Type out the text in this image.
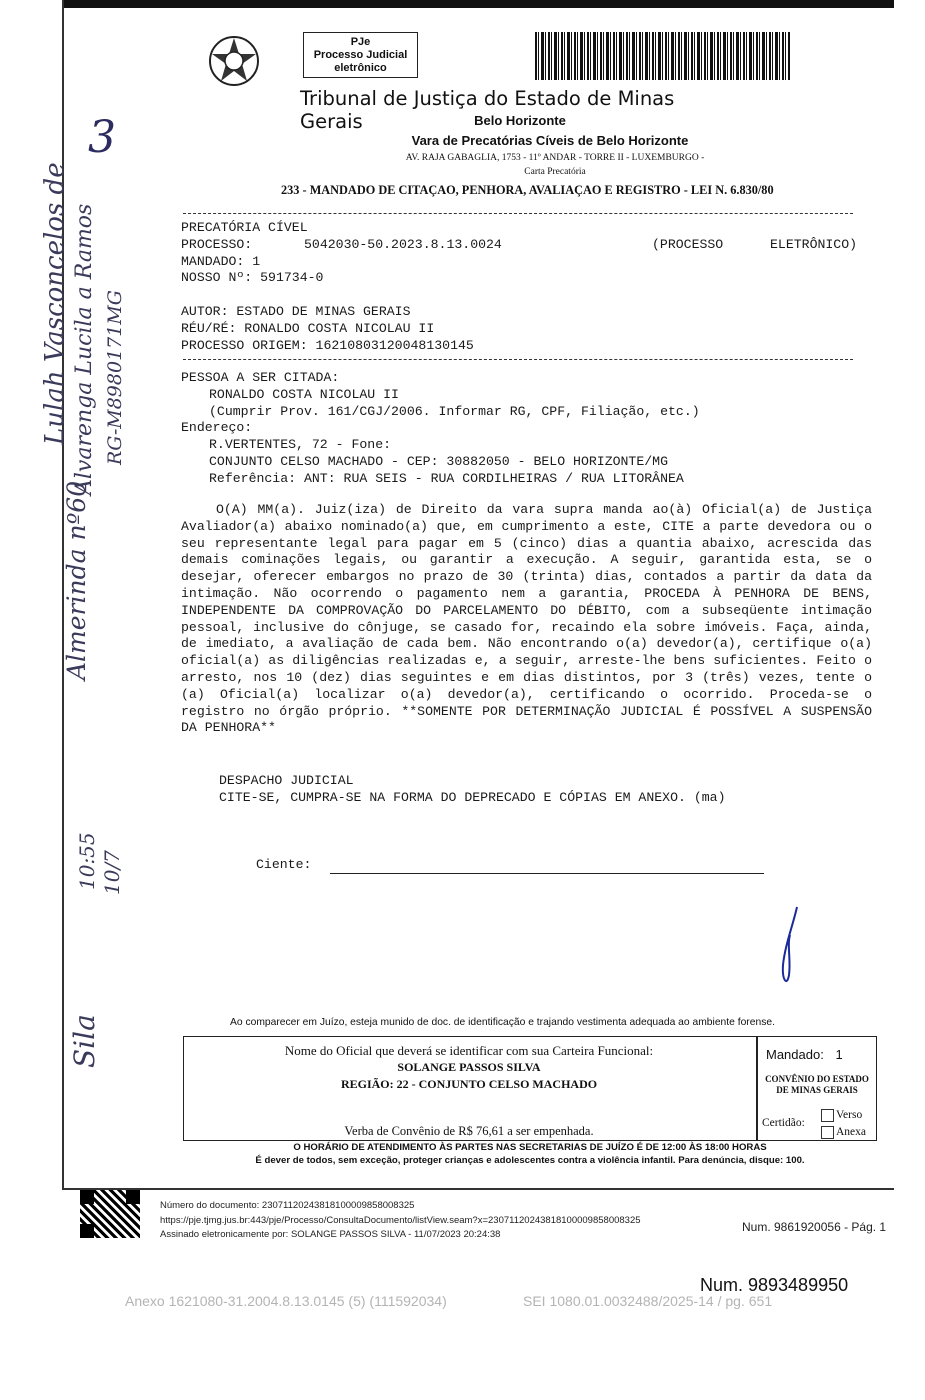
PJe
Processo Judicial
eletrônico
Tribunal de Justiça do Estado de Minas Gerais	Belo Horizonte
Vara de Precatórias Cíveis de Belo Horizonte
AV. RAJA GABAGLIA, 1753 - 11º ANDAR - TORRE II - LUXEMBURGO -
Carta Precatória
233 - MANDADO DE CITAÇAO, PENHORA, AVALIAÇAO E REGISTRO - LEI N. 6.830/80
PRECATÓRIA CÍVEL
PROCESSO:	5042030-50.2023.8.13.0024	(PROCESSO	ELETRÔNICO)
MANDADO: 1
NOSSO Nº: 591734-0
AUTOR: ESTADO DE MINAS GERAIS
RÉU/RÉ: RONALDO COSTA NICOLAU II
PROCESSO ORIGEM: 16210803120048130145
PESSOA A SER CITADA:
RONALDO COSTA NICOLAU II
(Cumprir Prov. 161/CGJ/2006. Informar RG, CPF, Filiação, etc.)
Endereço:
R.VERTENTES, 72 - Fone:
CONJUNTO CELSO MACHADO - CEP: 30882050 - BELO HORIZONTE/MG
Referência: ANT: RUA SEIS - RUA CORDILHEIRAS / RUA LITORÂNEA

O(A) MM(a). Juiz(iza) de Direito da vara supra manda ao(à) Oficial(a) de Justiça Avaliador(a) abaixo nominado(a) que, em cumprimento a este, CITE a parte devedora ou o seu representante legal para pagar em 5 (cinco) dias a quantia abaixo, acrescida das demais cominações legais, ou garantir a execução. A seguir, garantida esta, se o desejar, oferecer embargos no prazo de 30 (trinta) dias, contados a partir da data da intimação. Não ocorrendo o pagamento nem a garantia, PROCEDA À PENHORA DE BENS, INDEPENDENTE DA COMPROVAÇÃO DO PARCELAMENTO DO DÉBITO, com a subseqüente intimação pessoal, inclusive do cônjuge, se casado for, recaindo ela sobre imóveis. Faça, ainda, de imediato, a avaliação de cada bem. Não encontrando o(a) devedor(a), certifique o(a) oficial(a) as diligências realizadas e, a seguir, arreste-lhe bens suficientes. Feito o arresto, nos 10 (dez) dias seguintes e em dias distintos, por 3 (três) vezes, tente o (a) Oficial(a) localizar o(a) devedor(a), certificando o ocorrido. Proceda-se o registro no órgão próprio. **SOMENTE POR DETERMINAÇÃO JUDICIAL É POSSÍVEL A SUSPENSÃO DA PENHORA**

DESPACHO JUDICIAL
CITE-SE, CUMPRA-SE NA FORMA DO DEPRECADO E CÓPIAS EM ANEXO. (ma)
Ciente:
Ao comparecer em Juízo, esteja munido de doc. de identificação e trajando vestimenta adequada ao ambiente forense.
Nome do Oficial que deverá se identificar com sua Carteira Funcional:
SOLANGE PASSOS SILVA
REGIÃO: 22 - CONJUNTO CELSO MACHADO
Verba de Convênio de R$ 76,61 a ser empenhada.
Mandado: 1
CONVÊNIO DO ESTADO
DE MINAS GERAIS
Certidão:
Verso
Anexa
O HORÁRIO DE ATENDIMENTO ÀS PARTES NAS SECRETARIAS DE JUÍZO É DE 12:00 ÀS 18:00 HORAS
É dever de todos, sem exceção, proteger crianças e adolescentes contra a violência infantil. Para denúncia, disque: 100.
Número do documento: 23071120243818100009858008325
https://pje.tjmg.jus.br:443/pje/Processo/ConsultaDocumento/listView.seam?x=23071120243818100009858008325
Assinado eletronicamente por: SOLANGE PASSOS SILVA - 11/07/2023 20:24:38
Num. 9861920056 - Pág. 1
Num. 9893489950
Anexo 1621080-31.2004.8.13.0145 (5) (111592034)	SEI 1080.01.0032488/2025-14 / pg. 651
Lulah Vasconcelos de Alvarenga Lucila a Ramos RG-M8980171MG
3
Almerinda nº60
10:55 10/7
Sila
